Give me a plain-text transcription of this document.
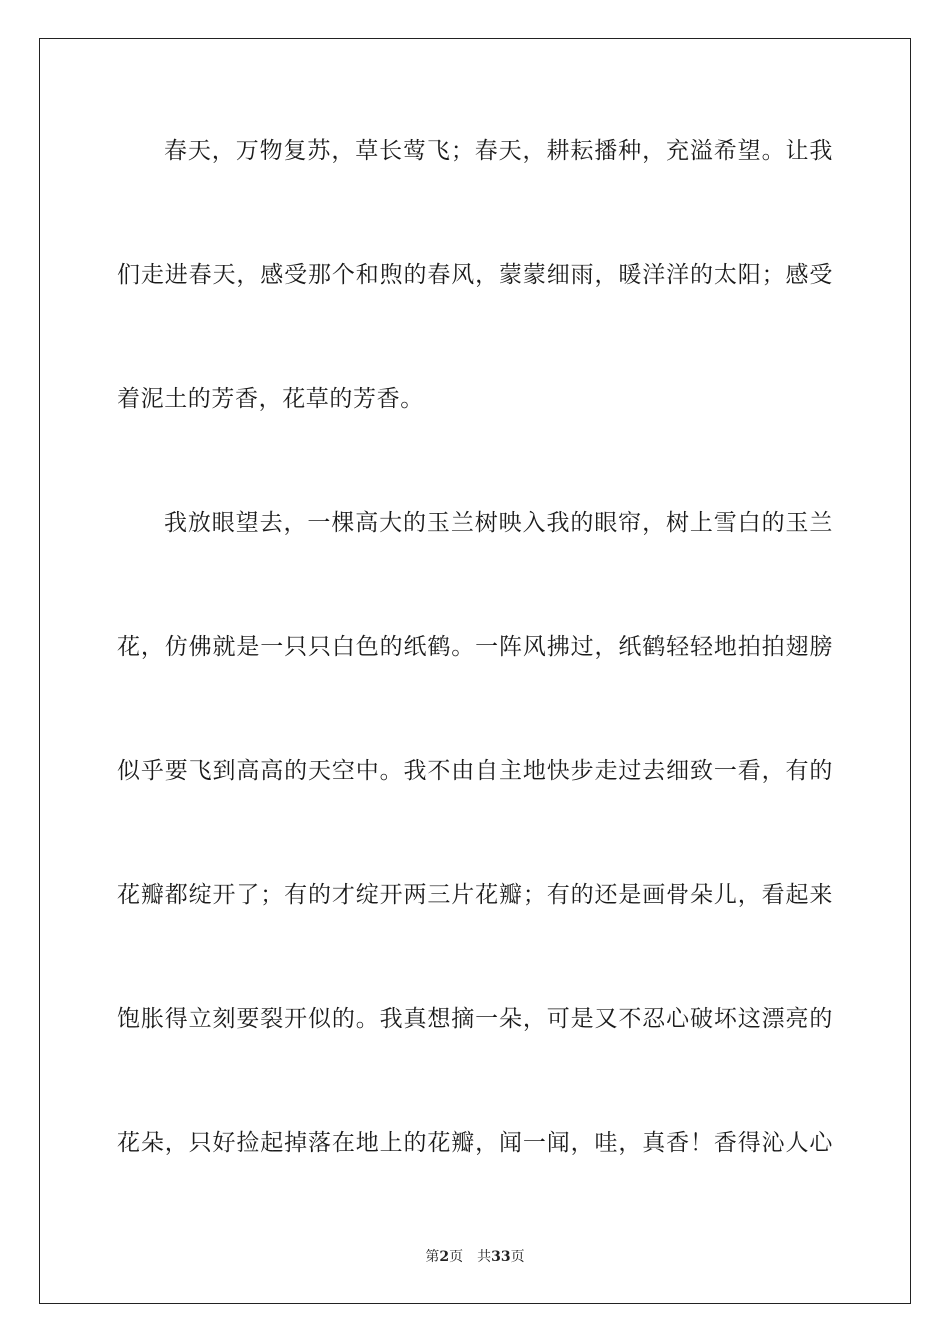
春天，万物复苏，草长莺飞；春天，耕耘播种，充溢希望。让我
们走进春天，感受那个和煦的春风，蒙蒙细雨，暖洋洋的太阳；感受
着泥土的芳香，花草的芳香。
我放眼望去，一棵高大的玉兰树映入我的眼帘，树上雪白的玉兰
花，仿佛就是一只只白色的纸鹤。一阵风拂过，纸鹤轻轻地拍拍翅膀
似乎要飞到高高的天空中。我不由自主地快步走过去细致一看，有的
花瓣都绽开了；有的才绽开两三片花瓣；有的还是画骨朵儿，看起来
饱胀得立刻要裂开似的。我真想摘一朵，可是又不忍心破坏这漂亮的
花朵，只好捡起掉落在地上的花瓣，闻一闻，哇，真香！香得沁人心
第2页 共33页
